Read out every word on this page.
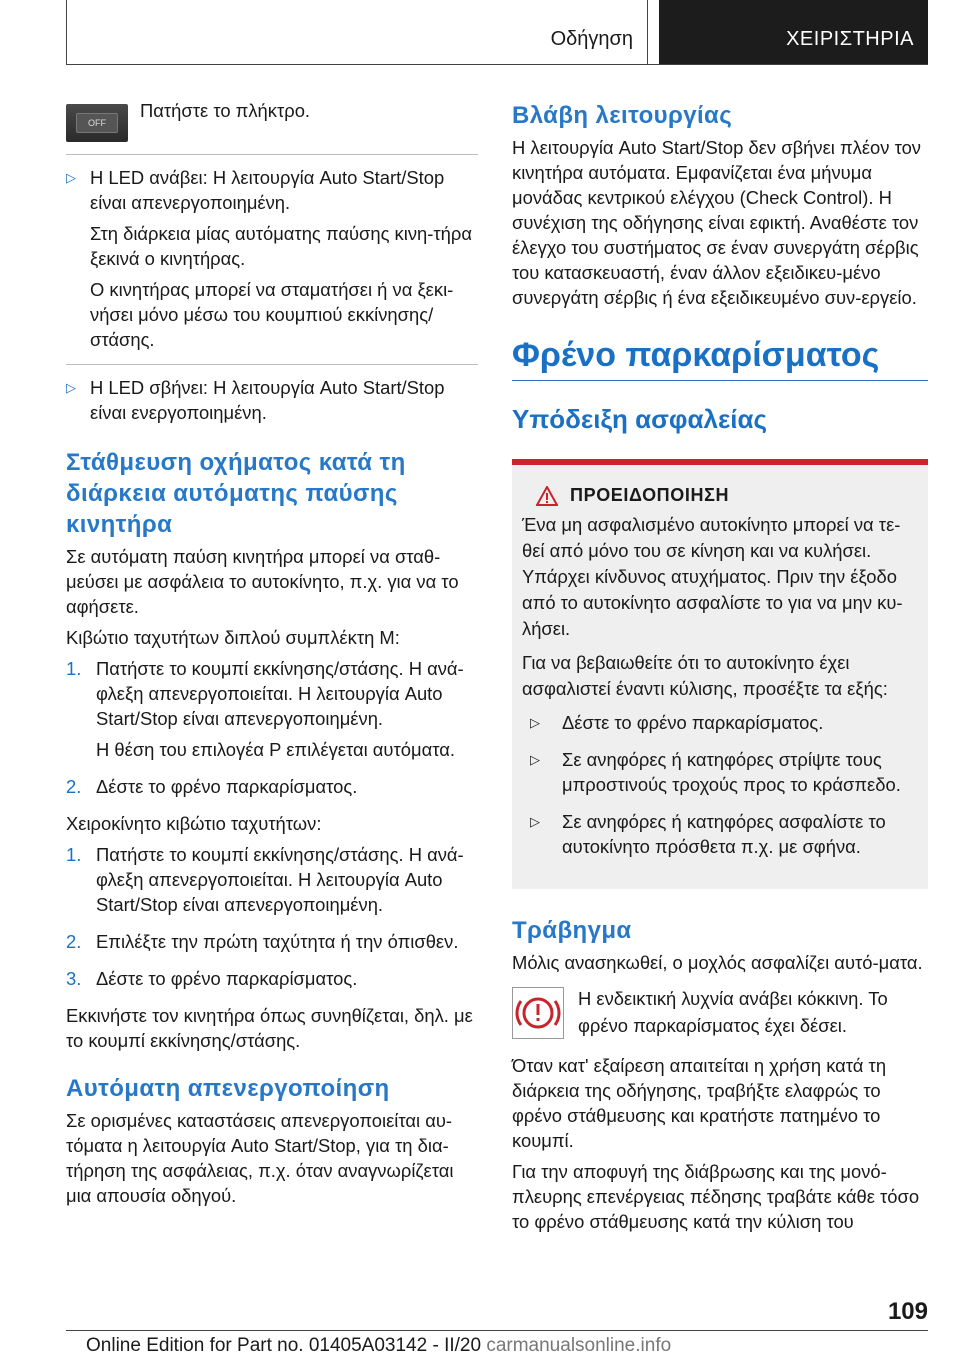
Οδήγηση	ΧΕΙΡΙΣΤΗΡΙΑ
OFF
Πατήστε το πλήκτρο.
▷ Η LED ανάβει: Η λειτουργία Auto Start/Stop είναι απενεργοποιημένη.

Στη διάρκεια μίας αυτόματης παύσης κινη-τήρα ξεκινά ο κινητήρας.

Ο κινητήρας μπορεί να σταματήσει ή να ξεκι-νήσει μόνο μέσω του κουμπιού εκκίνησης/στάσης.

▷ Η LED σβήνει: Η λειτουργία Auto Start/Stop είναι ενεργοποιημένη.

Στάθμευση οχήματος κατά τη διάρκεια αυτόματης παύσης κινητήρα

Σε αυτόματη παύση κινητήρα μπορεί να σταθ-μεύσει με ασφάλεια το αυτοκίνητο, π.χ. για να το αφήσετε.

Κιβώτιο ταχυτήτων διπλού συμπλέκτη M:

1. Πατήστε το κουμπί εκκίνησης/στάσης. Η ανά-φλεξη απενεργοποιείται. Η λειτουργία Auto Start/Stop είναι απενεργοποιημένη.

Η θέση του επιλογέα P επιλέγεται αυτόματα.

2. Δέστε το φρένο παρκαρίσματος.

Χειροκίνητο κιβώτιο ταχυτήτων:

1. Πατήστε το κουμπί εκκίνησης/στάσης. Η ανά-φλεξη απενεργοποιείται. Η λειτουργία Auto Start/Stop είναι απενεργοποιημένη.

2. Επιλέξτε την πρώτη ταχύτητα ή την όπισθεν.

3. Δέστε το φρένο παρκαρίσματος.

Εκκινήστε τον κινητήρα όπως συνηθίζεται, δηλ. με το κουμπί εκκίνησης/στάσης.

Αυτόματη απενεργοποίηση

Σε ορισμένες καταστάσεις απενεργοποιείται αυ-τόματα η λειτουργία Auto Start/Stop, για τη δια-τήρηση της ασφάλειας, π.χ. όταν αναγνωρίζεται μια απουσία οδηγού.

Βλάβη λειτουργίας

Η λειτουργία Auto Start/Stop δεν σβήνει πλέον τον κινητήρα αυτόματα. Εμφανίζεται ένα μήνυμα μονάδας κεντρικού ελέγχου (Check Control). Η συνέχιση της οδήγησης είναι εφικτή. Αναθέστε τον έλεγχο του συστήματος σε έναν συνεργάτη σέρβις του κατασκευαστή, έναν άλλον εξειδικευ-μένο συνεργάτη σέρβις ή ένα εξειδικευμένο συν-εργείο.

Φρένο παρκαρίσματος
Υπόδειξη ασφαλείας
ΠΡΟΕΙΔΟΠΟΙΗΣΗ

Ένα μη ασφαλισμένο αυτοκίνητο μπορεί να τε-θεί από μόνο του σε κίνηση και να κυλήσει. Υπάρχει κίνδυνος ατυχήματος. Πριν την έξοδο από το αυτοκίνητο ασφαλίστε το για να μην κυ-λήσει.

Για να βεβαιωθείτε ότι το αυτοκίνητο έχει ασφαλιστεί έναντι κύλισης, προσέξτε τα εξής:

▷	Δέστε το φρένο παρκαρίσματος.

▷	Σε ανηφόρες ή κατηφόρες στρίψτε τους μπροστινούς τροχούς προς το κράσπεδο.

▷	Σε ανηφόρες ή κατηφόρες ασφαλίστε το αυτοκίνητο πρόσθετα π.χ. με σφήνα.

Τράβηγμα

Μόλις ανασηκωθεί, ο μοχλός ασφαλίζει αυτό-ματα.

Η ενδεικτική λυχνία ανάβει κόκκινη. Το φρένο παρκαρίσματος έχει δέσει.

Όταν κατ' εξαίρεση απαιτείται η χρήση κατά τη διάρκεια της οδήγησης, τραβήξτε ελαφρώς το φρένο στάθμευσης και κρατήστε πατημένο το κουμπί.

Για την αποφυγή της διάβρωσης και της μονό-πλευρης επενέργειας πέδησης τραβάτε κάθε τόσο το φρένο στάθμευσης κατά την κύλιση του

109
Online Edition for Part no. 01405A03142 - II/20 carmanualsonline.info
